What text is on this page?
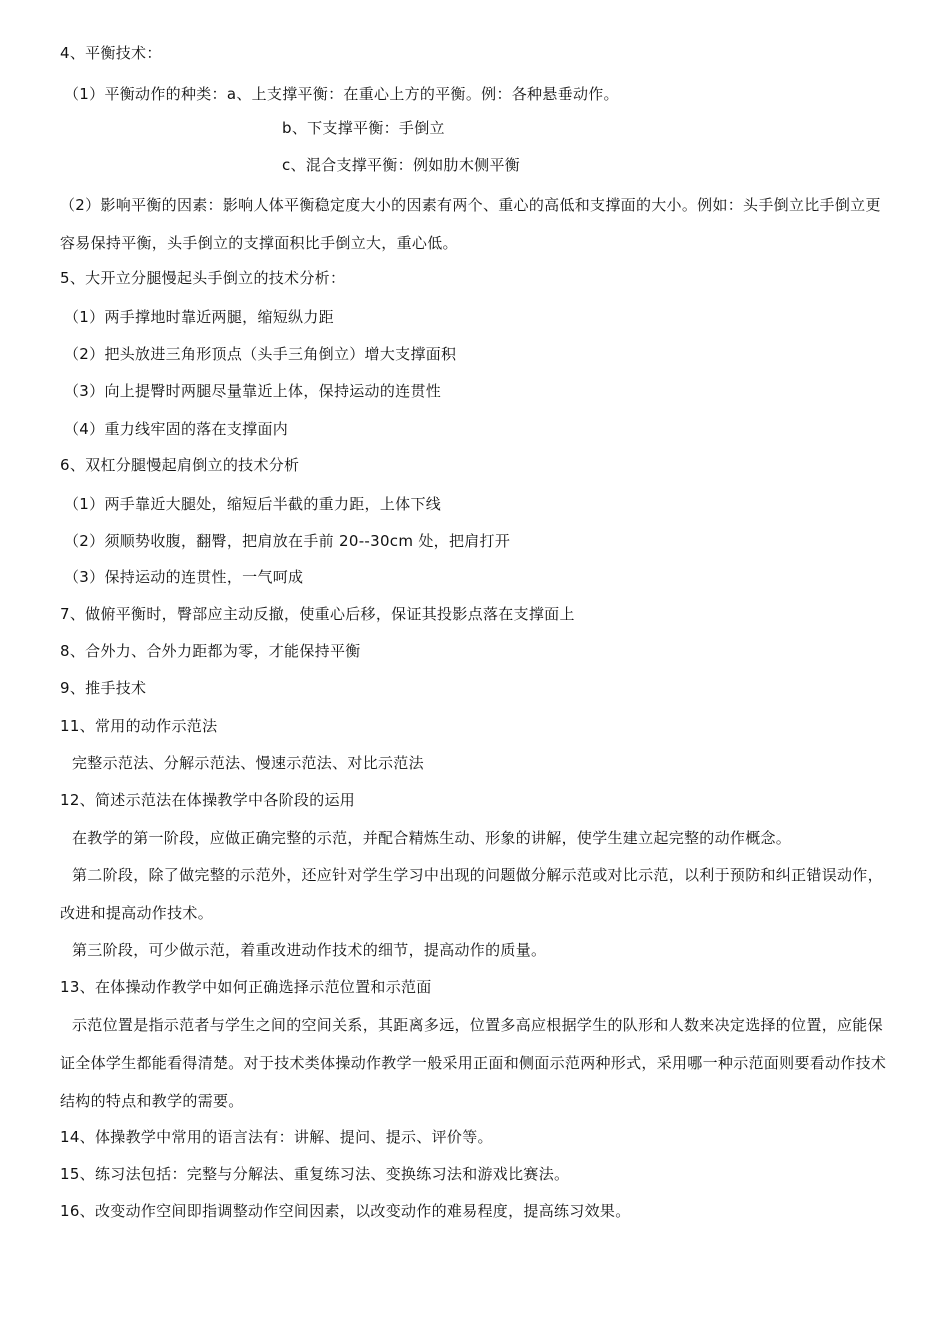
4、平衡技术：
（1）平衡动作的种类：a、上支撑平衡：在重心上方的平衡。例：各种悬垂动作。
b、下支撑平衡：手倒立
c、混合支撑平衡：例如肋木侧平衡
（2）影响平衡的因素：影响人体平衡稳定度大小的因素有两个、重心的高低和支撑面的大小。例如：头手倒立比手倒立更容易保持平衡，头手倒立的支撑面积比手倒立大，重心低。
5、大开立分腿慢起头手倒立的技术分析：
（1）两手撑地时靠近两腿，缩短纵力距
（2）把头放进三角形顶点（头手三角倒立）增大支撑面积
（3）向上提臀时两腿尽量靠近上体，保持运动的连贯性
（4）重力线牢固的落在支撑面内
6、双杠分腿慢起肩倒立的技术分析
（1）两手靠近大腿处，缩短后半截的重力距，上体下线
（2）须顺势收腹，翻臀，把肩放在手前 20--30cm 处，把肩打开
（3）保持运动的连贯性，一气呵成
7、做俯平衡时，臀部应主动反撤，使重心后移，保证其投影点落在支撑面上
8、合外力、合外力距都为零，才能保持平衡
9、推手技术
11、常用的动作示范法
完整示范法、分解示范法、慢速示范法、对比示范法
12、简述示范法在体操教学中各阶段的运用
在教学的第一阶段，应做正确完整的示范，并配合精炼生动、形象的讲解，使学生建立起完整的动作概念。
第二阶段，除了做完整的示范外，还应针对学生学习中出现的问题做分解示范或对比示范，以利于预防和纠正错误动作，改进和提高动作技术。
第三阶段，可少做示范，着重改进动作技术的细节，提高动作的质量。
13、在体操动作教学中如何正确选择示范位置和示范面
示范位置是指示范者与学生之间的空间关系，其距离多远，位置多高应根据学生的队形和人数来决定选择的位置，应能保证全体学生都能看得清楚。对于技术类体操动作教学一般采用正面和侧面示范两种形式，采用哪一种示范面则要看动作技术结构的特点和教学的需要。
14、体操教学中常用的语言法有：讲解、提问、提示、评价等。
15、练习法包括：完整与分解法、重复练习法、变换练习法和游戏比赛法。
16、改变动作空间即指调整动作空间因素，以改变动作的难易程度，提高练习效果。
